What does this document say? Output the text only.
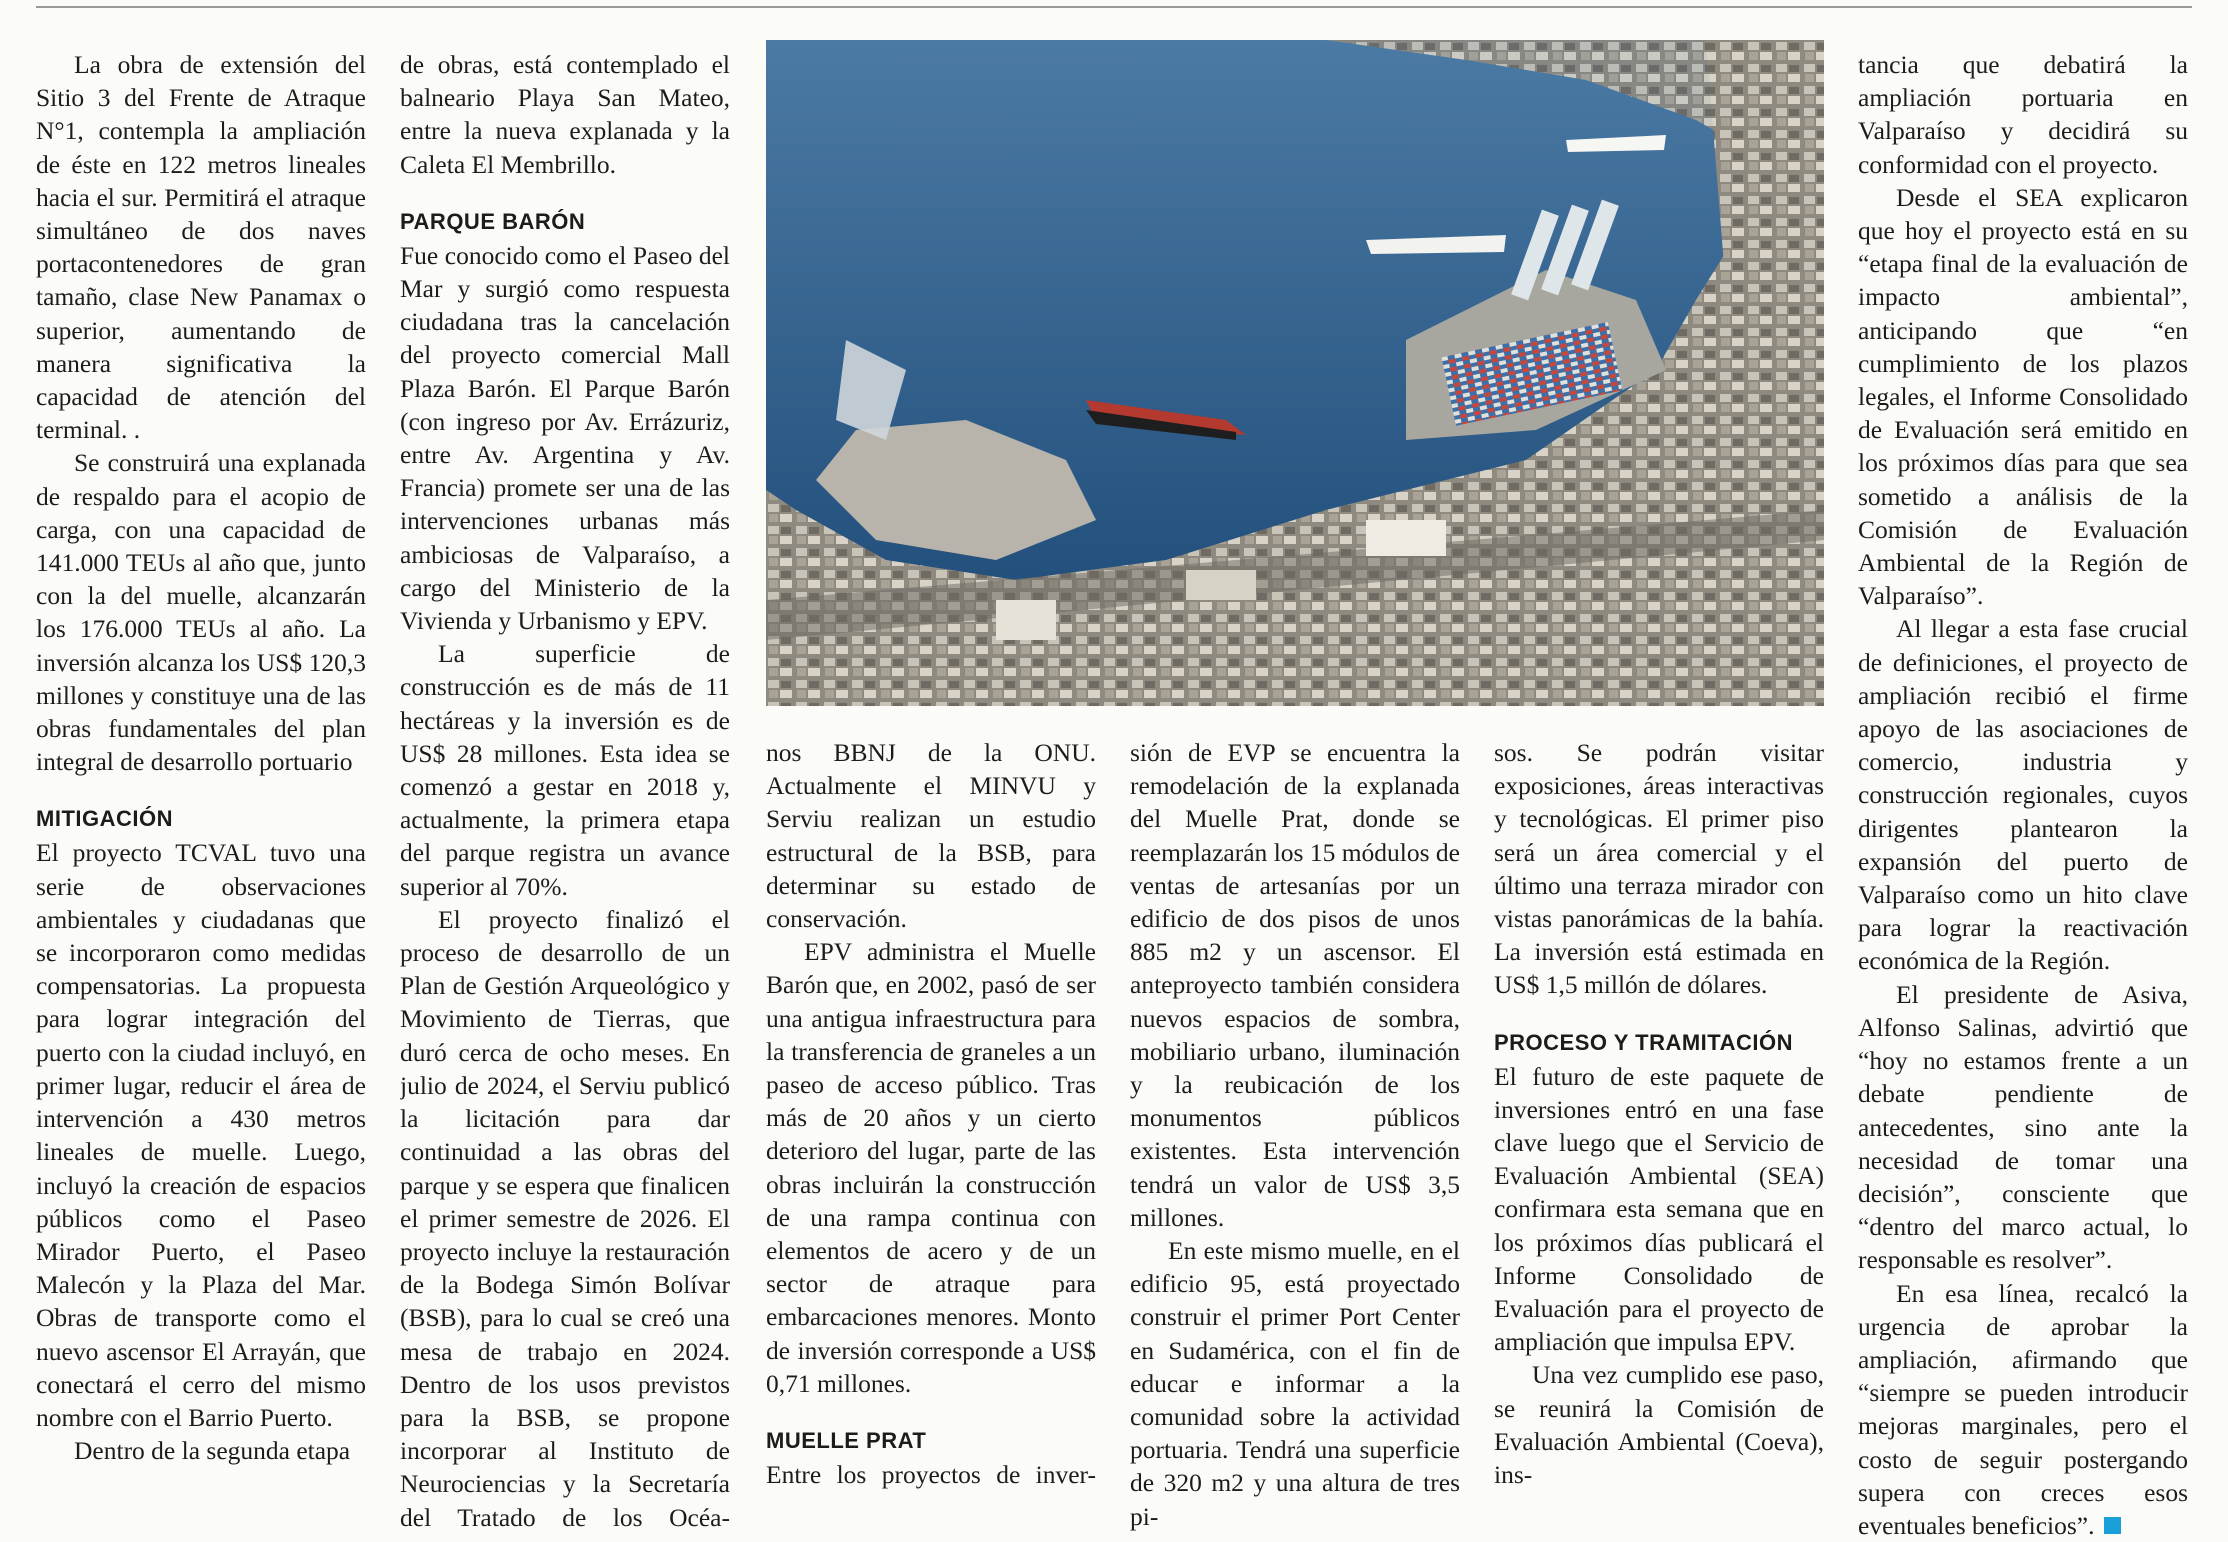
La obra de extensión del Sitio 3 del Frente de Atraque N°1, contempla la ampliación de éste en 122 metros lineales hacia el sur. Permitirá el atraque simultáneo de dos naves portacontenedores de gran tamaño, clase New Panamax o superior, aumentando de manera significativa la capacidad de atención del terminal. .

Se construirá una explanada de respaldo para el acopio de carga, con una capacidad de 141.000 TEUs al año que, junto con la del muelle, alcanzarán los 176.000 TEUs al año. La inversión alcanza los US$ 120,3 millones y constituye una de las obras fundamentales del plan integral de desarrollo portuario

MITIGACIÓN

El proyecto TCVAL tuvo una serie de observaciones ambientales y ciudadanas que se incorporaron como medidas compensatorias. La propuesta para lograr integración del puerto con la ciudad incluyó, en primer lugar, reducir el área de intervención a 430 metros lineales de muelle. Luego, incluyó la creación de espacios públicos como el Paseo Mirador Puerto, el Paseo Malecón y la Plaza del Mar. Obras de transporte como el nuevo ascensor El Arrayán, que conectará el cerro del mismo nombre con el Barrio Puerto.

Dentro de la segunda etapa

de obras, está contemplado el balneario Playa San Mateo, entre la nueva explanada y la Caleta El Membrillo.

PARQUE BARÓN

Fue conocido como el Paseo del Mar y surgió como respuesta ciudadana tras la cancelación del proyecto comercial Mall Plaza Barón. El Parque Barón (con ingreso por Av. Errázuriz, entre Av. Argentina y Av. Francia) promete ser una de las intervenciones urbanas más ambiciosas de Valparaíso, a cargo del Ministerio de la Vivienda y Urbanismo y EPV.

La superficie de construcción es de más de 11 hectáreas y la inversión es de US$ 28 millones. Esta idea se comenzó a gestar en 2018 y, actualmente, la primera etapa del parque registra un avance superior al 70%.

El proyecto finalizó el proceso de desarrollo de un Plan de Gestión Arqueológico y Movimiento de Tierras, que duró cerca de ocho meses. En julio de 2024, el Serviu publicó la licitación para dar continuidad a las obras del parque y se espera que finalicen el primer semestre de 2026. El proyecto incluye la restauración de la Bodega Simón Bolívar (BSB), para lo cual se creó una mesa de trabajo en 2024. Dentro de los usos previstos para la BSB, se propone incorporar al Instituto de Neurociencias y la Secretaría del Tratado de los Océa-

nos BBNJ de la ONU. Actualmente el MINVU y Serviu realizan un estudio estructural de la BSB, para determinar su estado de conservación.

EPV administra el Muelle Barón que, en 2002, pasó de ser una antigua infraestructura para la transferencia de graneles a un paseo de acceso público. Tras más de 20 años y un cierto deterioro del lugar, parte de las obras incluirán la construcción de una rampa continua con elementos de acero y de un sector de atraque para embarcaciones menores. Monto de inversión corresponde a US$ 0,71 millones.

MUELLE PRAT

Entre los proyectos de inver-

sión de EVP se encuentra la remodelación de la explanada del Muelle Prat, donde se reemplazarán los 15 módulos de ventas de artesanías por un edificio de dos pisos de unos 885 m2 y un ascensor. El anteproyecto también considera nuevos espacios de sombra, mobiliario urbano, iluminación y la reubicación de los monumentos públicos existentes. Esta intervención tendrá un valor de US$ 3,5 millones.

En este mismo muelle, en el edificio 95, está proyectado construir el primer Port Center en Sudamérica, con el fin de educar e informar a la comunidad sobre la actividad portuaria. Tendrá una superficie de 320 m2 y una altura de tres pi-

sos. Se podrán visitar exposiciones, áreas interactivas y tecnológicas. El primer piso será un área comercial y el último una terraza mirador con vistas panorámicas de la bahía. La inversión está estimada en US$ 1,5 millón de dólares.

PROCESO Y TRAMITACIÓN

El futuro de este paquete de inversiones entró en una fase clave luego que el Servicio de Evaluación Ambiental (SEA) confirmara esta semana que en los próximos días publicará el Informe Consolidado de Evaluación para el proyecto de ampliación que impulsa EPV.

Una vez cumplido ese paso, se reunirá la Comisión de Evaluación Ambiental (Coeva), ins-

tancia que debatirá la ampliación portuaria en Valparaíso y decidirá su conformidad con el proyecto.

Desde el SEA explicaron que hoy el proyecto está en su “etapa final de la evaluación de impacto ambiental”, anticipando que “en cumplimiento de los plazos legales, el Informe Consolidado de Evaluación será emitido en los próximos días para que sea sometido a análisis de la Comisión de Evaluación Ambiental de la Región de Valparaíso”.

Al llegar a esta fase crucial de definiciones, el proyecto de ampliación recibió el firme apoyo de las asociaciones de comercio, industria y construcción regionales, cuyos dirigentes plantearon la expansión del puerto de Valparaíso como un hito clave para lograr la reactivación económica de la Región.

El presidente de Asiva, Alfonso Salinas, advirtió que “hoy no estamos frente a un debate pendiente de antecedentes, sino ante la necesidad de tomar una decisión”, consciente que “dentro del marco actual, lo responsable es resolver”.

En esa línea, recalcó la urgencia de aprobar la ampliación, afirmando que “siempre se pueden introducir mejoras marginales, pero el costo de seguir postergando supera con creces esos eventuales beneficios”.
